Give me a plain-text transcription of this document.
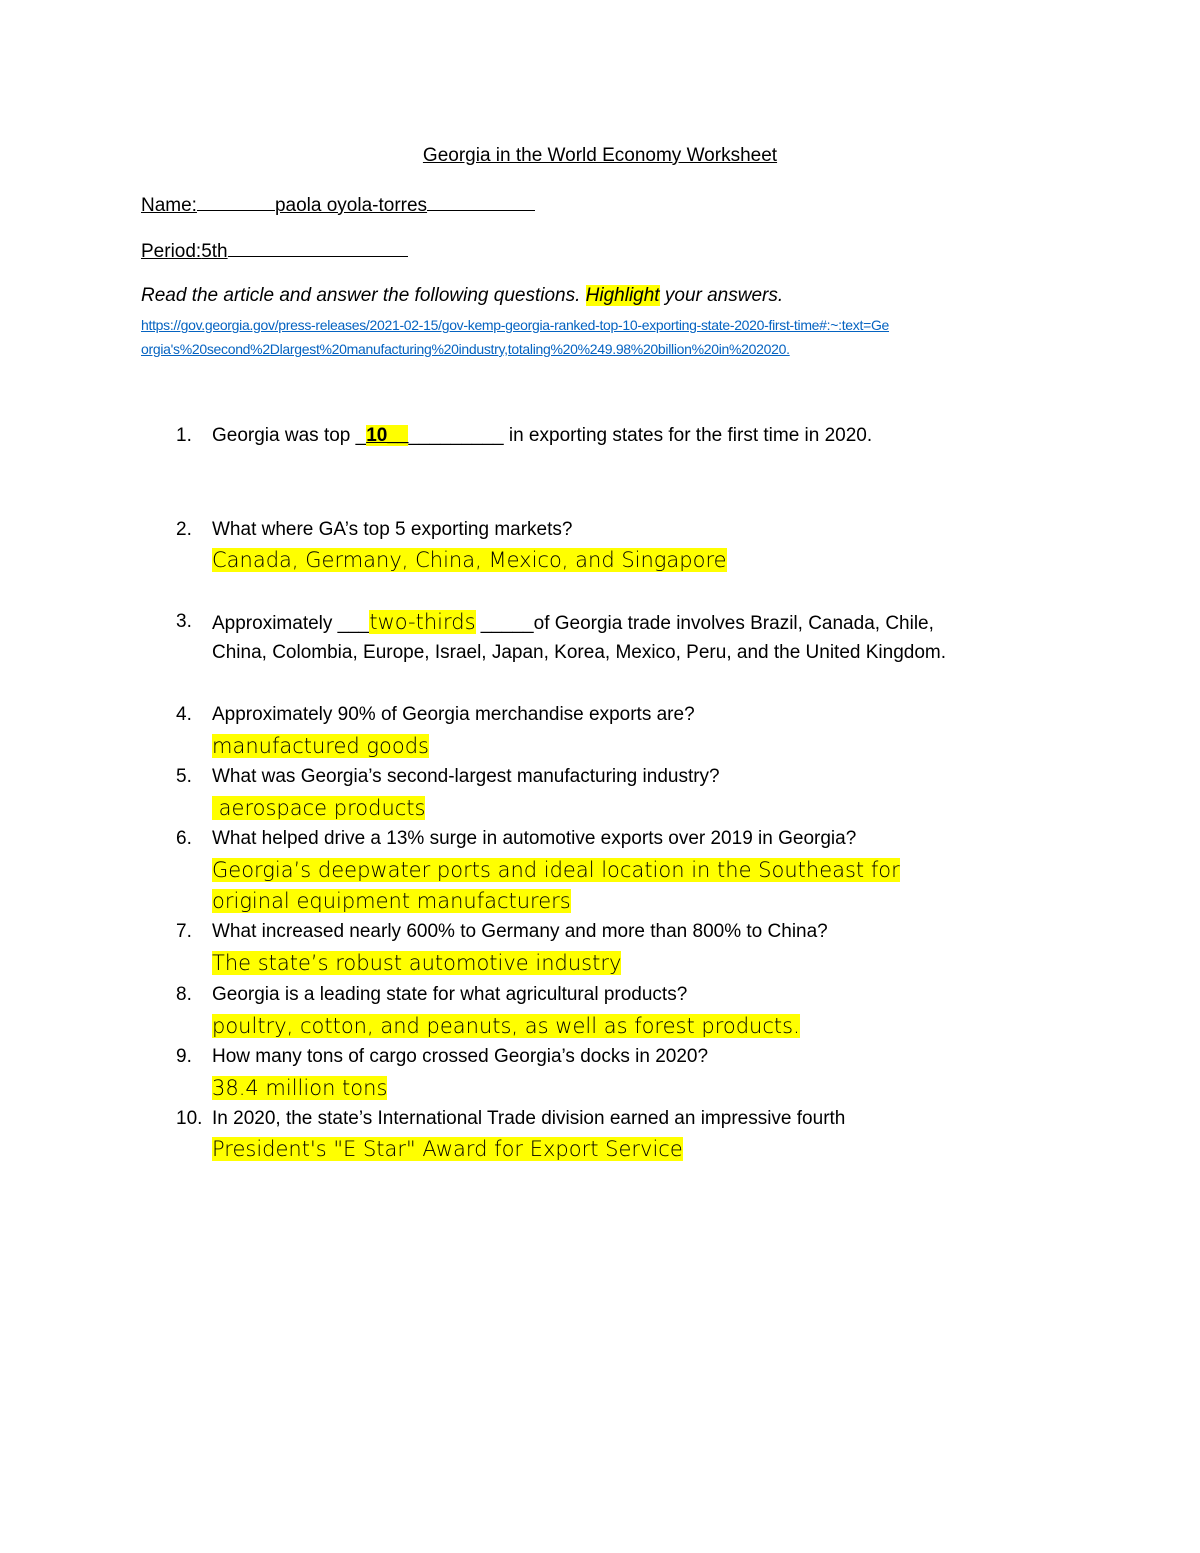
Georgia in the World Economy Worksheet
Name:	paola oyola-torres
Period:5th
Read the article and answer the following questions. Highlight your answers.
https://gov.georgia.gov/press-releases/2021-02-15/gov-kemp-georgia-ranked-top-10-exporting-state-2020-first-time#:~:text=Ge
orgia's%20second%2Dlargest%20manufacturing%20industry,totaling%20%249.98%20billion%20in%202020.
1. Georgia was top _10___________ in exporting states for the first time in 2020.
2. What where GA’s top 5 exporting markets?
Canada, Germany, China, Mexico, and Singapore
3. Approximately ___two-thirds _____of Georgia trade involves Brazil, Canada, Chile,
China, Colombia, Europe, Israel, Japan, Korea, Mexico, Peru, and the United Kingdom.
4. Approximately 90% of Georgia merchandise exports are?
manufactured goods
5. What was Georgia’s second-largest manufacturing industry?
aerospace products
6. What helped drive a 13% surge in automotive exports over 2019 in Georgia?
Georgia’s deepwater ports and ideal location in the Southeast for
original equipment manufacturers
7. What increased nearly 600% to Germany and more than 800% to China?
The state’s robust automotive industry
8. Georgia is a leading state for what agricultural products?
poultry, cotton, and peanuts, as well as forest products.
9. How many tons of cargo crossed Georgia’s docks in 2020?
38.4 million tons
10. In 2020, the state’s International Trade division earned an impressive fourth
President's "E Star" Award for Export Service
